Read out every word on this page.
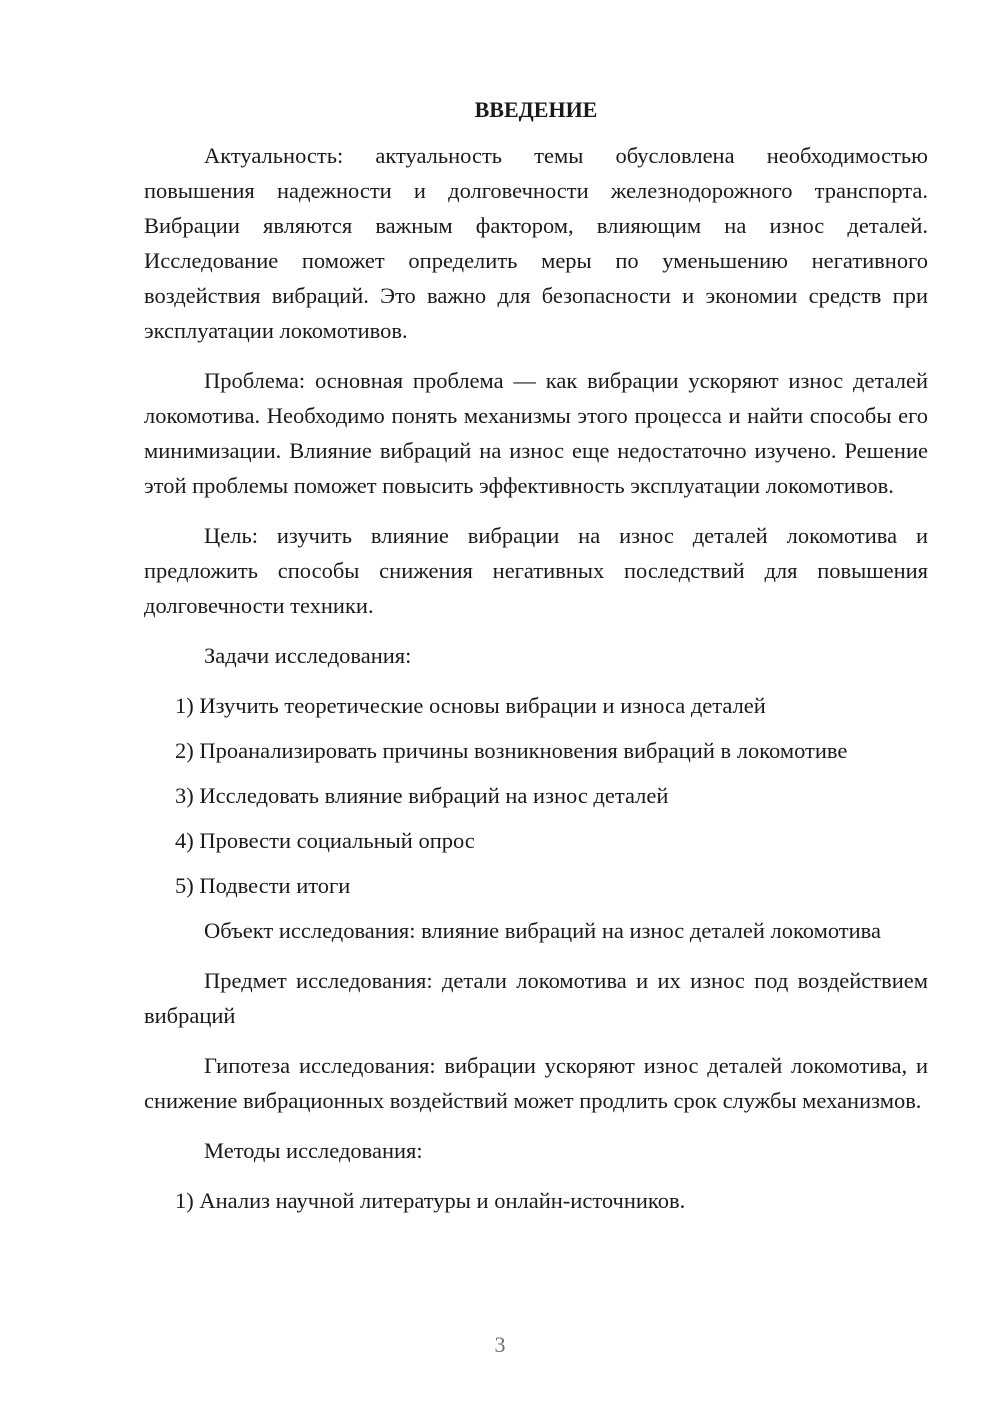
ВВЕДЕНИЕ

Актуальность: актуальность темы обусловлена необходимостью повышения надежности и долговечности железнодорожного транспорта. Вибрации являются важным фактором, влияющим на износ деталей. Исследование поможет определить меры по уменьшению негативного воздействия вибраций. Это важно для безопасности и экономии средств при эксплуатации локомотивов.

Проблема: основная проблема — как вибрации ускоряют износ деталей локомотива. Необходимо понять механизмы этого процесса и найти способы его минимизации. Влияние вибраций на износ еще недостаточно изучено. Решение этой проблемы поможет повысить эффективность эксплуатации локомотивов.

Цель: изучить влияние вибрации на износ деталей локомотива и предложить способы снижения негативных последствий для повышения долговечности техники.

Задачи исследования:
1) Изучить теоретические основы вибрации и износа деталей
2) Проанализировать причины возникновения вибраций в локомотиве
3) Исследовать влияние вибраций на износ деталей
4) Провести социальный опрос
5) Подвести итоги

Объект исследования: влияние вибраций на износ деталей локомотива

Предмет исследования: детали локомотива и их износ под воздействием вибраций

Гипотеза исследования: вибрации ускоряют износ деталей локомотива, и снижение вибрационных воздействий может продлить срок службы механизмов.

Методы исследования:
1) Анализ научной литературы и онлайн-источников.
3
